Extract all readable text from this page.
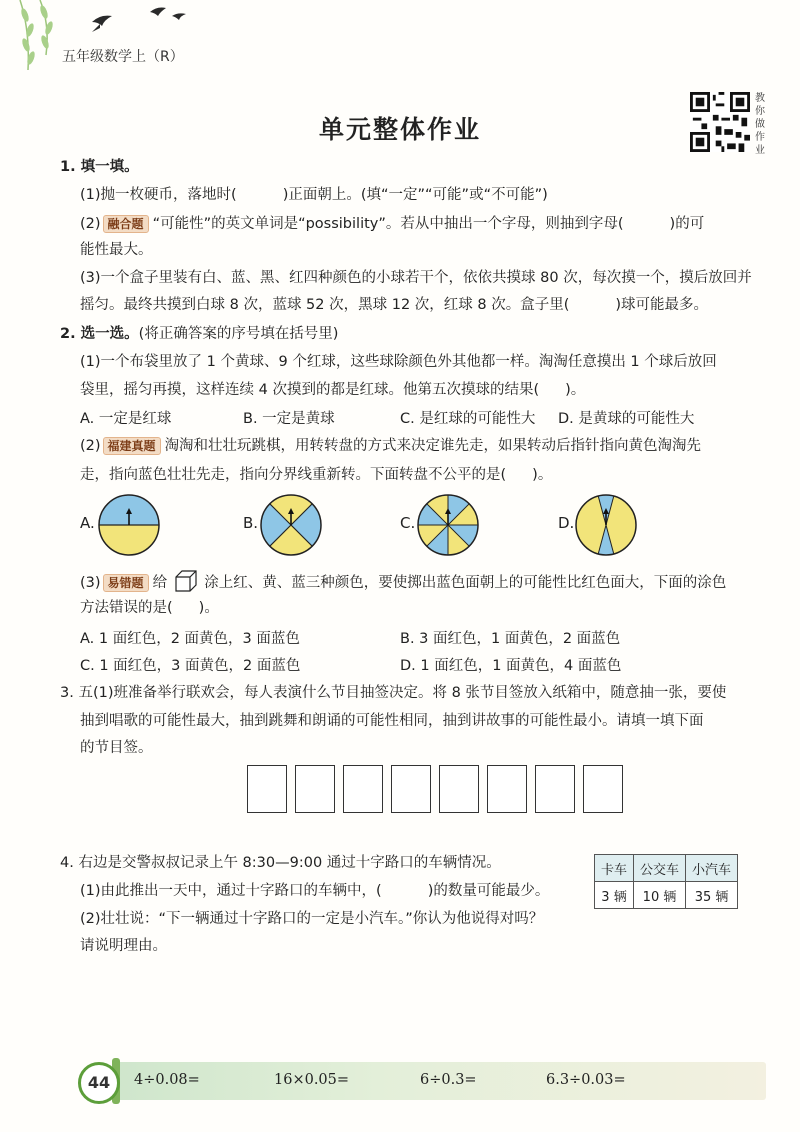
五年级数学上（R）
教你做作业
单元整体作业
1. 填一填。
(1)抛一枚硬币，落地时(	)正面朝上。(填“一定”“可能”或“不可能”)
(2) 融合题 “可能性”的英文单词是“possibility”。若从中抽出一个字母，则抽到字母(	)的可
能性最大。
(3)一个盒子里装有白、蓝、黑、红四种颜色的小球若干个，依依共摸球 80 次，每次摸一个，摸后放回并
摇匀。最终共摸到白球 8 次，蓝球 52 次，黑球 12 次，红球 8 次。盒子里(	)球可能最多。
2. 选一选。(将正确答案的序号填在括号里)
(1)一个布袋里放了 1 个黄球、9 个红球，这些球除颜色外其他都一样。淘淘任意摸出 1 个球后放回
袋里，摇匀再摸，这样连续 4 次摸到的都是红球。他第五次摸球的结果( )。
A. 一定是红球	B. 一定是黄球	C. 是红球的可能性大 D. 是黄球的可能性大
(2) 福建真题 淘淘和壮壮玩跳棋，用转转盘的方式来决定谁先走，如果转动后指针指向黄色淘淘先
走，指向蓝色壮壮先走，指向分界线重新转。下面转盘不公平的是( )。
A.	B.	C.	D.
(3) 易错题 给	涂上红、黄、蓝三种颜色，要使掷出蓝色面朝上的可能性比红色面大，下面的涂色
方法错误的是( )。
A. 1 面红色，2 面黄色，3 面蓝色	B. 3 面红色，1 面黄色，2 面蓝色
C. 1 面红色，3 面黄色，2 面蓝色	D. 1 面红色，1 面黄色，4 面蓝色
3. 五(1)班准备举行联欢会，每人表演什么节目抽签决定。将 8 张节目签放入纸箱中，随意抽一张，要使
抽到唱歌的可能性最大，抽到跳舞和朗诵的可能性相同，抽到讲故事的可能性最小。请填一填下面
的节目签。
4. 右边是交警叔叔记录上午 8:30—9:00 通过十字路口的车辆情况。
(1)由此推出一天中，通过十字路口的车辆中，(	)的数量可能最少。
(2)壮壮说：“下一辆通过十字路口的一定是小汽车。”你认为他说得对吗？
请说明理由。
卡车	公交车	小汽车
3 辆	10 辆	35 辆
44	4÷0.08=	16×0.05=	6÷0.3=	6.3÷0.03=
